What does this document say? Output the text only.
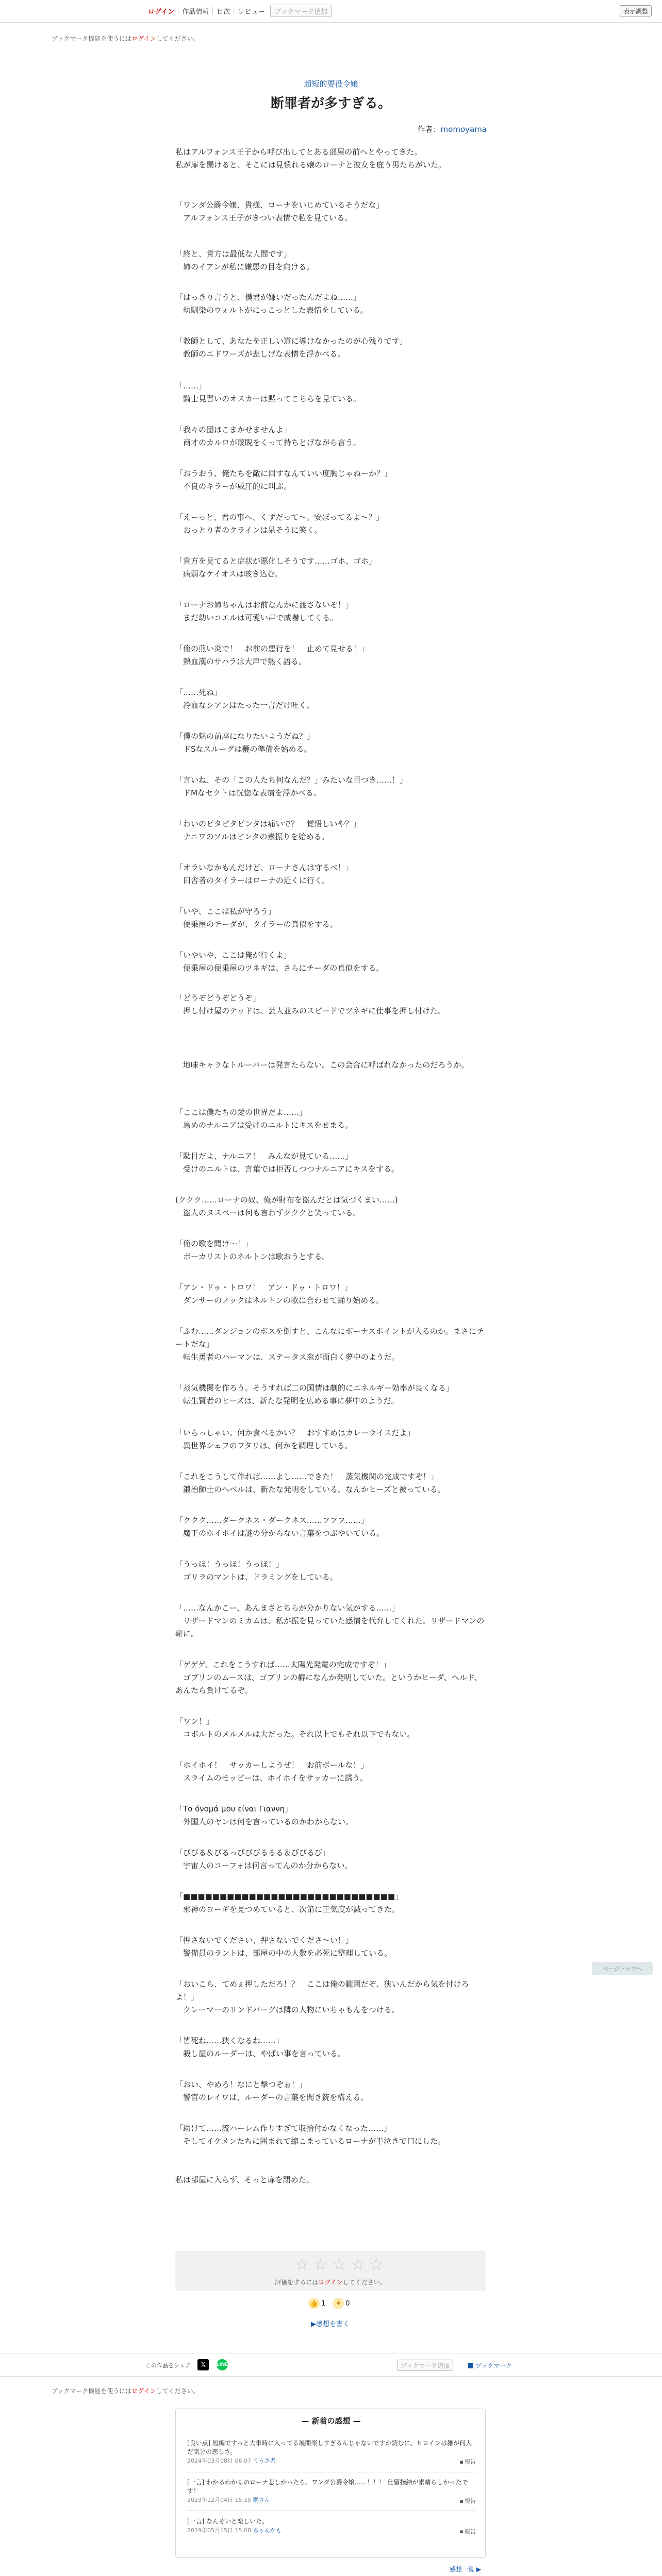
ログイン	作品情報	目次	レビュー	ブックマーク追加	表示調整
ブックマーク機能を使うにはログインしてください。
超短的要役令嬢
断罪者が多すぎる。
作者：momoyama
私はアルフォンス王子から呼び出してとある部屋の前へとやってきた。
私が扉を開けると、そこには見慣れる嬢のローナと彼女を庇う男たちがいた。
「ワンダ公爵令嬢、貴様、ローナをいじめているそうだな」
　アルフォンス王子がきつい表情で私を見ている。
「終と、貴方は最低な人間です」
　姉のイアンが私に嫌悪の目を向ける。
「はっきり言うと、僕君が嫌いだったんだよね……」
　幼馴染のウォルトがにっこっとした表情をしている。
「教師として、あなたを正しい道に導けなかったのが心残りです」
　教師のエドワーズが悲しげな表情を浮かべる。
「……」
　騎士見習いのオスカーは黙ってこちらを見ている。
「我々の団はこまかせませんよ」
　商才のカルロが蔑睨をくって持ちとげながら言う。
「おうおう、俺たちを敵に回すなんていい度胸じゃねーか？」
　不良のキラーが威圧的に叫ぶ。
「えーっと、君の事へ、くずだって～。安ぼってるよ～？」
　おっとり者のクラインは呆そうに笑く。
「貴方を見てると症状が悪化しそうです……ゴホ、ゴホ」
　病弱なケイオスは咳き込む。
「ローナお姉ちゃんはお前なんかに渡さないぞ！」
　まだ幼いコエルは可愛い声で威嚇してくる。
「俺の煎い炎で！　お前の悪行を！　止めて見せる！」
　熱血漢のサハラは大声で熱く語る。
「……死ね」
　冷血なシアンはたった一言だけ吐く。
「僕の魅の前座になりたいようだね？」
　ドSなスルーグは鞭の準備を始める。
「言いね、その「この人たち何なんだ？」みたいな目つき……！」
　ドMなセクトは恍惚な表情を浮かべる。
「わいのピタピタピンタは痛いで？　覚悟しいや？」
　ナニワのソルはビンタの素振りを始める。
「オラいなかもんだけど、ローナさんは守るべ！」
　田舎者のタイラーはローナの近くに行く。
「いや、ここは私が守ろう」
　便乗屋のチーダが、タイラーの真似をする。
「いやいや、ここは俺が行くよ」
　便乗屋の便乗屋のツネギは、さらにチーダの真似をする。
「どうぞどうぞどうぞ」
　押し付け屋のテッドは、芸人並みのスピードでツネギに仕事を押し付けた。
　地味キャラなトルーパーは発言たらない。この会合に呼ばれなかったのだろうか。
「ここは僕たちの愛の世界だよ……」
　馬めのナルニアは受けのニルトにキスをせまる。
「駄目だよ、ナルニア！　みんなが見ている……」
　受けのニルトは、言葉では拒否しつつナルニアにキスをする。
(ククク……ローナの奴、俺が財布を盗んだとは気づくまい……)
　盗人のヌスベーは何も言わずクククと笑っている。
「俺の歌を聞け～！」
　ボーカリストのネルトンは歌おうとする。
「アン・ドゥ・トロワ！　アン・ドゥ・トロワ！」
　ダンサーのノックはネルトンの歌に合わせて踊り始める。
「ふむ……ダンジョンのボスを倒すと、こんなにボーナスポイントが入るのか。まさにチートだな」
　転生勇者のハーマンは、ステータス窓が面白く夢中のようだ。
「蒸気機関を作ろう。そうすれば二の国情は劇的にエネルギー効率が良くなる」
　転生賢者のヒーズは、新たな発明を広める事に夢中のようだ。
「いらっしゃい。何か食べるかい？　おすすめはカレーライスだよ」
　異世界シェフのフタリは、何かを調理している。
「これをこうして作れば……よし……できた！　蒸気機関の完成ですぞ！」
　鍛冶師士のヘベルは、新たな発明をしている。なんかヒーズと被っている。
「ククク……ダークネス・ダークネス……フフフ……」
　魔王のホイホイは謎の分からない言葉をつぶやいている。
「うっほ！うっほ！うっほ！」
　ゴリラのマントは、ドラミングをしている。
「……なんかこー、あんまさとちらが分かりない気がする……」
　リザードマンのミカムは、私が振を見っていた感情を代弁してくれた。リザードマンの癖に。
「ゲゲゲ、これをこうすれば……太陽光発電の完成ですぞ！」
　ゴブリンのムースは、ゴブリンの癖になんか発明していた。というかヒーダ、ヘルド、あんたら負けてるぞ。
「ワン！」
　コボルトのメルメルは大だった。それ以上でもそれ以下でもない。
「ホイホイ！　サッカーしようぜ！　お前ボールな！」
　スライムのモッピーは、ホイホイをサッカーに誘う。
「Το όνομά μου είναι Γιαννη」
　外国人のヤンは何を言っているのかわからない。
「びびる＆びるっびびびるるる＆びびるび」
　宇宙人のコーフォは何言ってんのか分からない。
「■■■■■■■■■■■■■■■■■■■■■■■■■■■■■」
　邪神のヨーギを見つめていると、次第に正気度が減ってきた。
「押さないでください、押さないでくださ～い！」
　警備員のラントは、部屋の中の人数を必死に整理している。
「おいこら、てめぇ押しただろ！？　ここは俺の範囲だぞ、狭いんだから気を付けろよ！」
　クレーマーのリンドバーグは隣の人物にいちゃもんをつける。
「皆死ね……狭くなるね……」
　殺し屋のルーダーは、やばい事を言っている。
「おい、やめろ！なにと撃つぞぉ！」
　警官のレイワは、ルーダーの言葉を聞き銃を構える。
「助けて……流ハーレム作りすぎて収拾付かなくなった……」
　そしてイケメンたちに囲まれて縮こまっているローナが半泣きで口にした。
私は部屋に入らず、そっと扉を閉めた。
☆ ☆ ☆ ☆ ☆
評価をするにはログインしてください。
👍 1	✦ 0
▶感想を書く
この作品をシェア	𝕏	LINE	ブックマーク追加	ブックマーク
ブックマーク機能を使うにはログインしてください。
— 新着の感想 —
[良い点] 短編ですっと大事時に入ってる展開楽しすぎるんじゃないですか読むに、ヒロインは雑が何人だ気分の悲しさ。
2024年03月08日 06:07 ううさ者	▪ 報告
[一言] わかるわかるのローナ悲しかったら、ワンダ公爵令嬢……！！！ 仕留指結が素晴らしかったです！
2023年12月04日 15:15 隅さん	▪ 報告
[一言] なんそいと楽しいた。
2019年05月15日 15:08 ちゃんかも	▪ 報告
感想一覧 ▶
ページトップへ
